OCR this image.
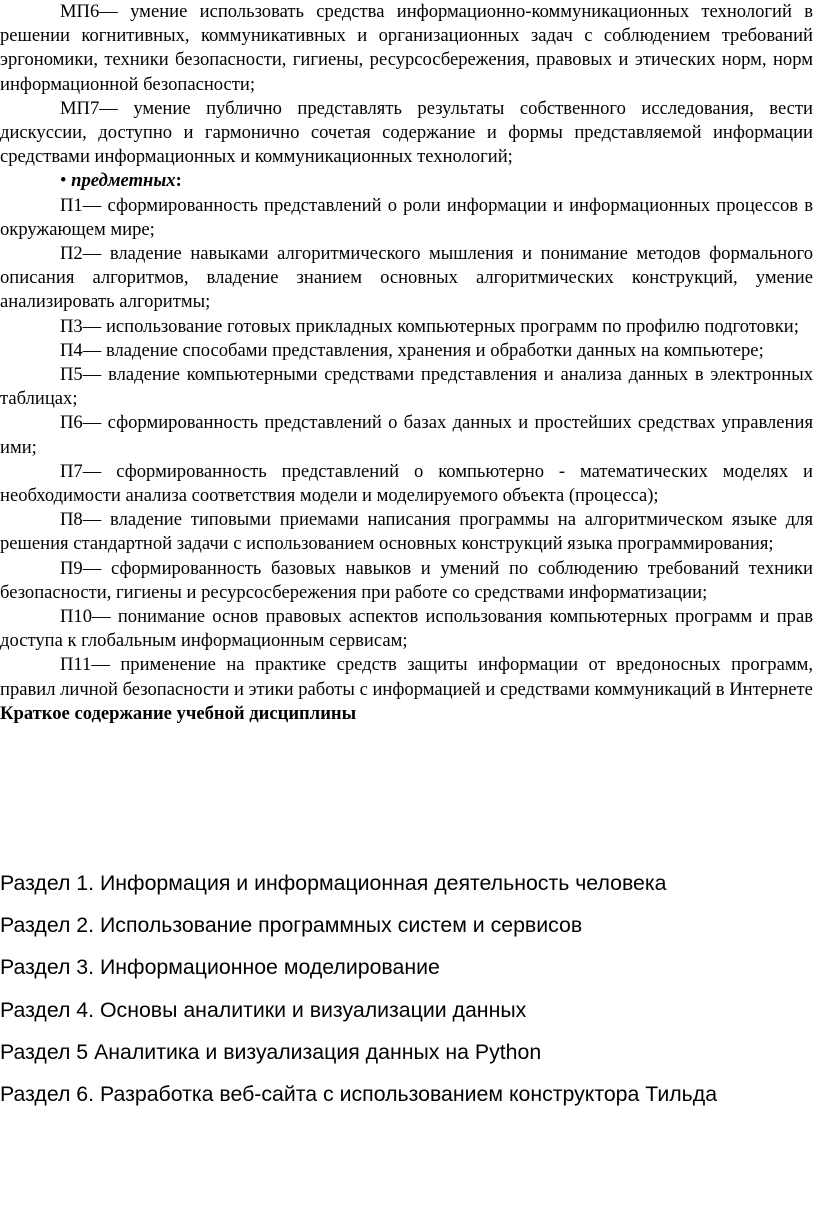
МП6–– умение использовать средства информационно-коммуникационных технологий в решении когнитивных, коммуникативных и организационных задач с соблюдением требований эргономики, техники безопасности, гигиены, ресурсосбережения, правовых и этических норм, норм информационной безопасности;

МП7–– умение публично представлять результаты собственного исследования, вести дискуссии, доступно и гармонично сочетая содержание и формы представляемой информации средствами информационных и коммуникационных технологий;

• предметных:

П1–– сформированность представлений о роли информации и информационных процессов в окружающем мире;

П2–– владение навыками алгоритмического мышления и понимание методов формального описания алгоритмов, владение знанием основных алгоритмических конструкций, умение анализировать алгоритмы;

П3–– использование готовых прикладных компьютерных программ по профилю подготовки;

П4–– владение способами представления, хранения и обработки данных на компьютере;

П5–– владение компьютерными средствами представления и анализа данных в электронных таблицах;

П6–– сформированность представлений о базах данных и простейших средствах управления ими;

П7–– сформированность представлений о компьютерно - математических моделях и необходимости анализа соответствия модели и моделируемого объекта (процесса);

П8–– владение типовыми приемами написания программы на алгоритмическом языке для решения стандартной задачи с использованием основных конструкций языка программирования;

П9–– сформированность базовых навыков и умений по соблюдению требований техники безопасности, гигиены и ресурсосбережения при работе со средствами информатизации;

П10–– понимание основ правовых аспектов использования компьютерных программ и прав доступа к глобальным информационным сервисам;

П11–– применение на практике средств защиты информации от вредоносных программ, правил личной безопасности и этики работы с информацией и средствами коммуникаций в Интернете

Краткое содержание учебной дисциплины

Раздел 1. Информация и информационная деятельность человека

Раздел 2. Использование программных систем и сервисов

Раздел 3. Информационное моделирование

Раздел 4. Основы аналитики и визуализации данных

Раздел 5 Аналитика и визуализация данных на Python

Раздел 6. Разработка веб-сайта с использованием конструктора Тильда
